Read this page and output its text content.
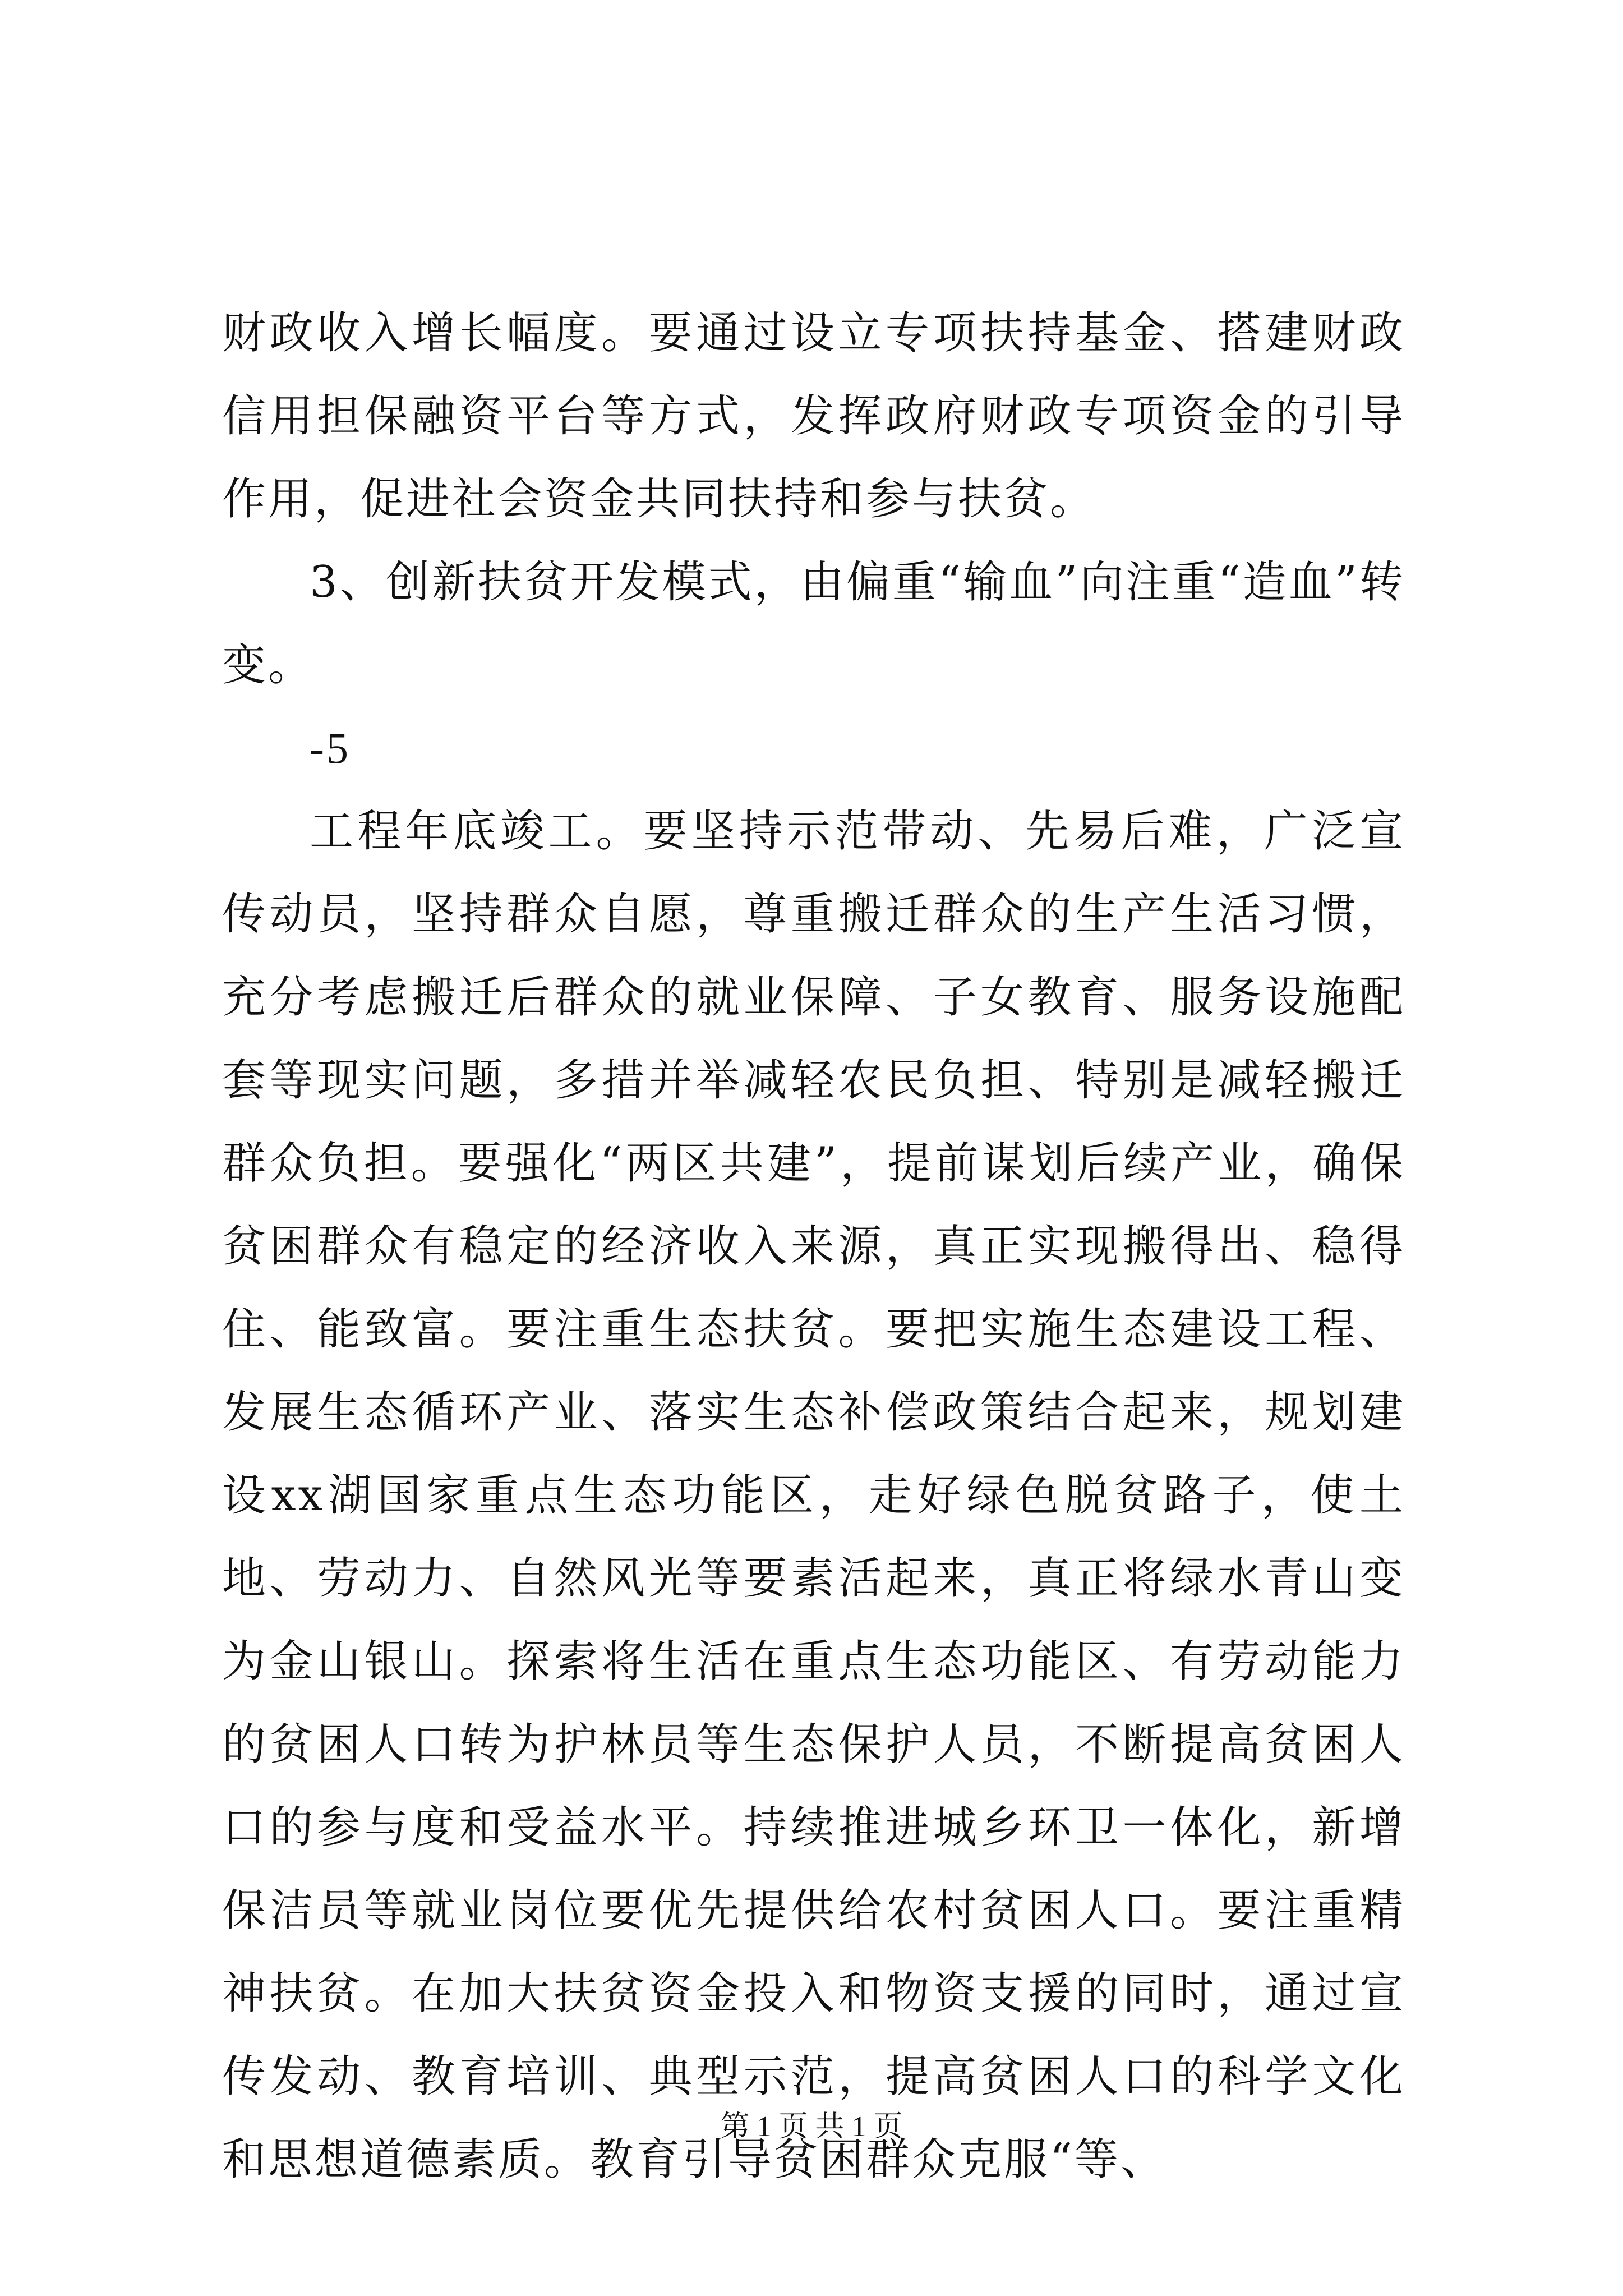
财政收入增长幅度。要通过设立专项扶持基金、搭建财政信用担保融资平台等方式，发挥政府财政专项资金的引导作用，促进社会资金共同扶持和参与扶贫。

3、创新扶贫开发模式，由偏重“输血”向注重“造血”转变。

-5

工程年底竣工。要坚持示范带动、先易后难，广泛宣传动员，坚持群众自愿，尊重搬迁群众的生产生活习惯，充分考虑搬迁后群众的就业保障、子女教育、服务设施配套等现实问题，多措并举减轻农民负担、特别是减轻搬迁群众负担。要强化“两区共建”，提前谋划后续产业，确保贫困群众有稳定的经济收入来源，真正实现搬得出、稳得住、能致富。要注重生态扶贫。要把实施生态建设工程、发展生态循环产业、落实生态补偿政策结合起来，规划建设xx湖国家重点生态功能区，走好绿色脱贫路子，使土地、劳动力、自然风光等要素活起来，真正将绿水青山变为金山银山。探索将生活在重点生态功能区、有劳动能力的贫困人口转为护林员等生态保护人员，不断提高贫困人口的参与度和受益水平。持续推进城乡环卫一体化，新增保洁员等就业岗位要优先提供给农村贫困人口。要注重精神扶贫。在加大扶贫资金投入和物资支援的同时，通过宣传发动、教育培训、典型示范，提高贫困人口的科学文化和思想道德素质。教育引导贫困群众克服“等、

第 1 页 共 1 页
